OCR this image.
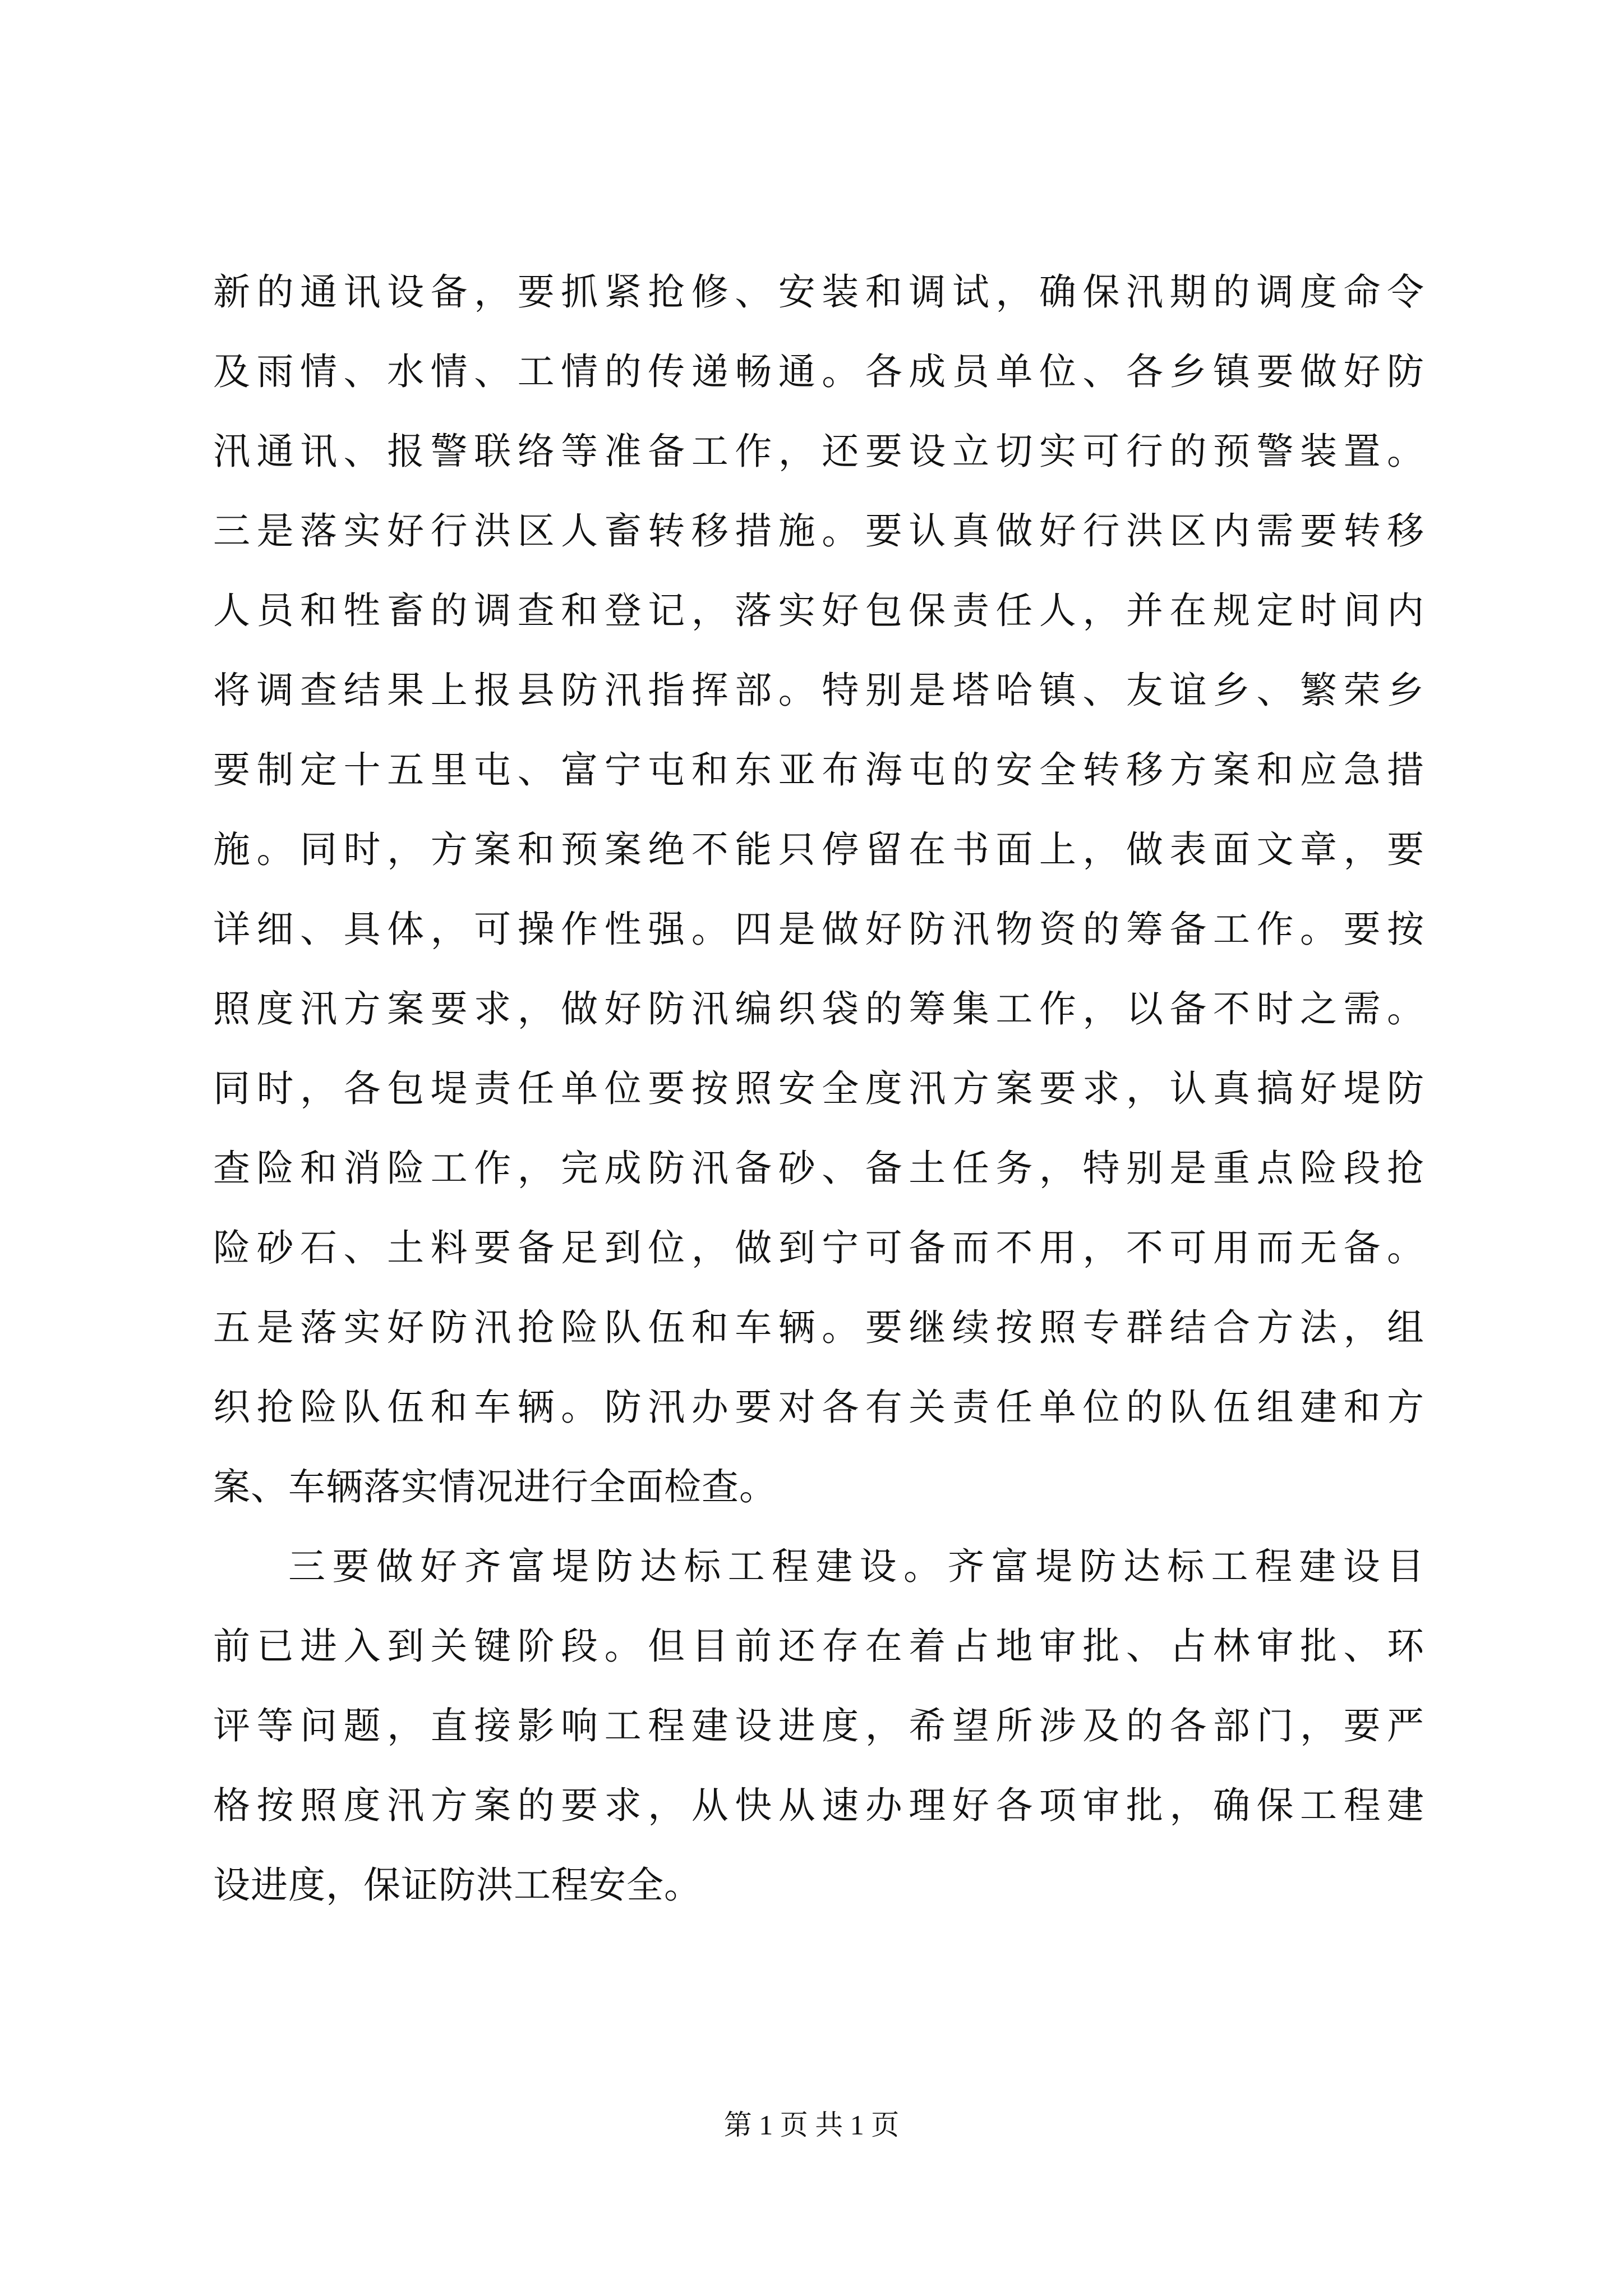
新的通讯设备，要抓紧抢修、安装和调试，确保汛期的调度命令
及雨情、水情、工情的传递畅通。各成员单位、各乡镇要做好防
汛通讯、报警联络等准备工作，还要设立切实可行的预警装置。
三是落实好行洪区人畜转移措施。要认真做好行洪区内需要转移
人员和牲畜的调查和登记，落实好包保责任人，并在规定时间内
将调查结果上报县防汛指挥部。特别是塔哈镇、友谊乡、繁荣乡
要制定十五里屯、富宁屯和东亚布海屯的安全转移方案和应急措
施。同时，方案和预案绝不能只停留在书面上，做表面文章，要
详细、具体，可操作性强。四是做好防汛物资的筹备工作。要按
照度汛方案要求，做好防汛编织袋的筹集工作，以备不时之需。
同时，各包堤责任单位要按照安全度汛方案要求，认真搞好堤防
查险和消险工作，完成防汛备砂、备土任务，特别是重点险段抢
险砂石、土料要备足到位，做到宁可备而不用，不可用而无备。
五是落实好防汛抢险队伍和车辆。要继续按照专群结合方法，组
织抢险队伍和车辆。防汛办要对各有关责任单位的队伍组建和方
案、车辆落实情况进行全面检查。
三要做好齐富堤防达标工程建设。齐富堤防达标工程建设目
前已进入到关键阶段。但目前还存在着占地审批、占林审批、环
评等问题，直接影响工程建设进度，希望所涉及的各部门，要严
格按照度汛方案的要求，从快从速办理好各项审批，确保工程建
设进度，保证防洪工程安全。
第 1 页 共 1 页
